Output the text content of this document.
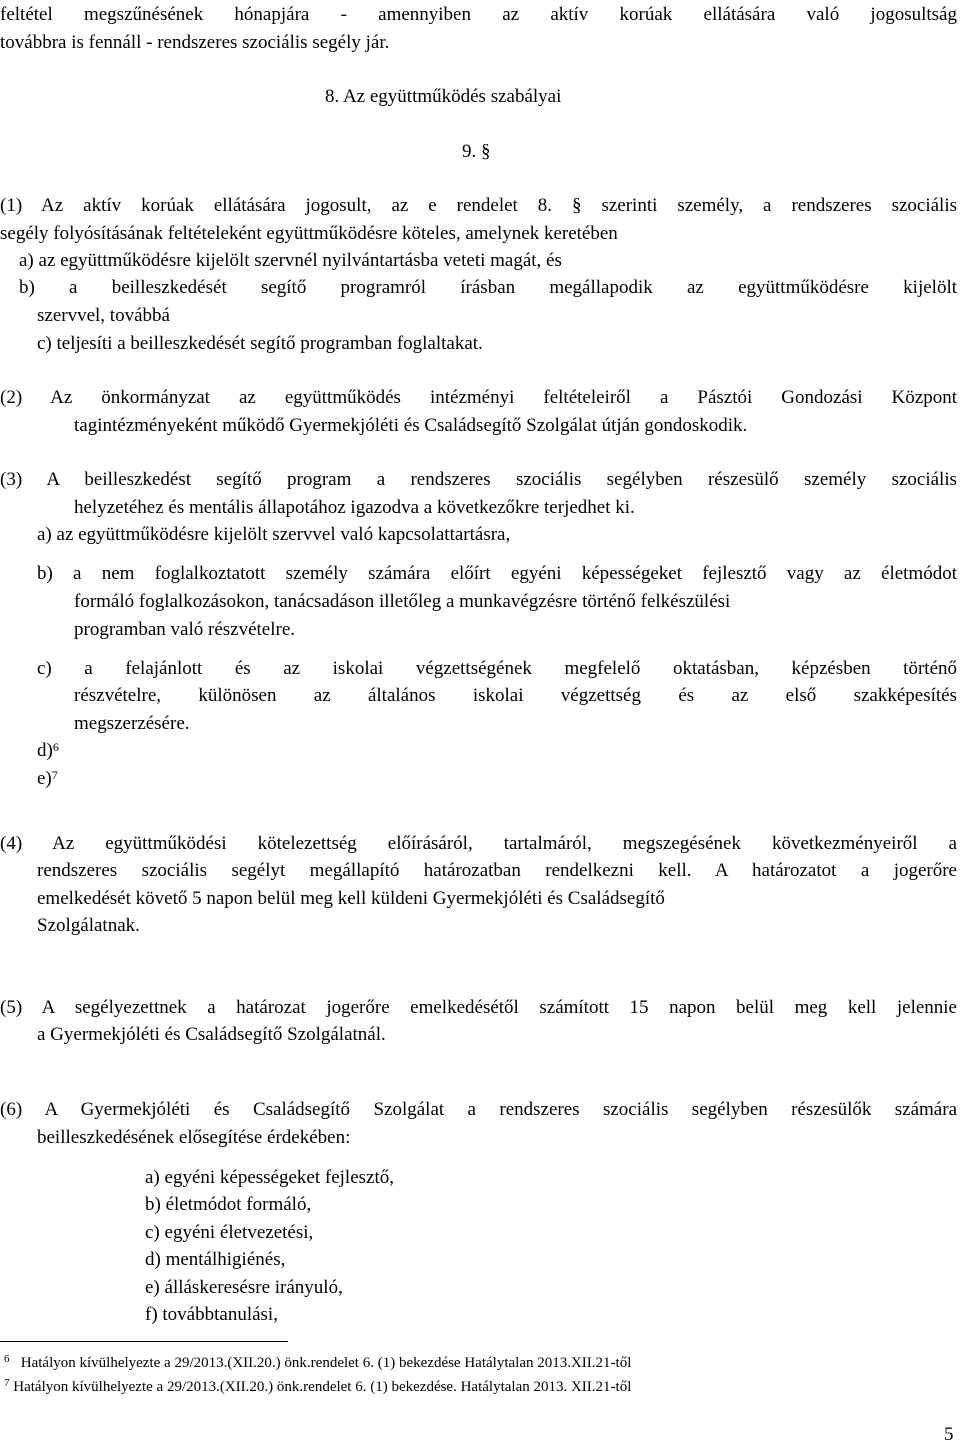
feltétel megszűnésének hónapjára - amennyiben az aktív korúak ellátására való jogosultság
továbbra is fennáll - rendszeres szociális segély jár.
8. Az együttműködés szabályai
9. §
(1) Az aktív korúak ellátására jogosult, az e rendelet 8. § szerinti személy, a rendszeres szociális
segély folyósításának feltételeként együttműködésre köteles, amelynek keretében
a) az együttműködésre kijelölt szervnél nyilvántartásba veteti magát, és
b) a beilleszkedését segítő programról írásban megállapodik az együttműködésre kijelölt
szervvel, továbbá
c) teljesíti a beilleszkedését segítő programban foglaltakat.
(2) Az önkormányzat az együttműködés intézményi feltételeiről a Pásztói Gondozási Központ
tagintézményeként működő Gyermekjóléti és Családsegítő Szolgálat útján gondoskodik.
(3) A beilleszkedést segítő program a rendszeres szociális segélyben részesülő személy szociális
helyzetéhez és mentális állapotához igazodva a következőkre terjedhet ki.
a) az együttműködésre kijelölt szervvel való kapcsolattartásra,
b) a nem foglalkoztatott személy számára előírt egyéni képességeket fejlesztő vagy az életmódot
formáló foglalkozásokon, tanácsadáson illetőleg a munkavégzésre történő felkészülési
programban való részvételre.
c) a felajánlott és az iskolai végzettségének megfelelő oktatásban, képzésben történő
részvételre, különösen az általános iskolai végzettség és az első szakképesítés
megszerzésére.
d)$^6$
e)$^7$
(4) Az együttműködési kötelezettség előírásáról, tartalmáról, megszegésének következményeiről a
rendszeres szociális segélyt megállapító határozatban rendelkezni kell. A határozatot a jogerőre
emelkedését követő 5 napon belül meg kell küldeni Gyermekjóléti és Családsegítő
Szolgálatnak.
(5) A segélyezettnek a határozat jogerőre emelkedésétől számított 15 napon belül meg kell jelennie
a Gyermekjóléti és Családsegítő Szolgálatnál.
(6) A Gyermekjóléti és Családsegítő Szolgálat a rendszeres szociális segélyben részesülők számára
beilleszkedésének elősegítése érdekében:
a) egyéni képességeket fejlesztő,
b) életmódot formáló,
c) egyéni életvezetési,
d) mentálhigiénés,
e) álláskeresésre irányuló,
f) továbbtanulási,
$^6$ Hatályon kívülhelyezte a 29/2013.(XII.20.) önk.rendelet 6. (1) bekezdése Hatálytalan 2013.XII.21-től
$^7$ Hatályon kívülhelyezte a 29/2013.(XII.20.) önk.rendelet 6. (1) bekezdése. Hatálytalan 2013. XII.21-től
5
